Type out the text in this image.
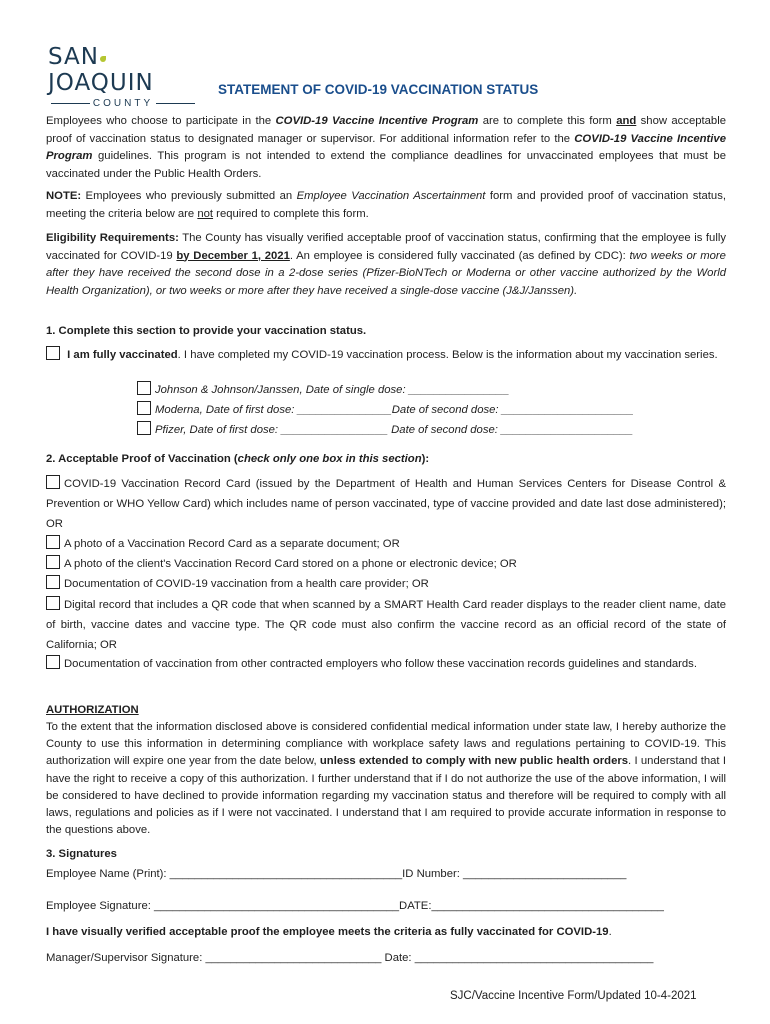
SANJOAQUIN
COUNTY
STATEMENT OF COVID-19 VACCINATION STATUS
Employees who choose to participate in the COVID-19 Vaccine Incentive Program are to complete this form and show acceptable proof of vaccination status to designated manager or supervisor. For additional information refer to the COVID-19 Vaccine Incentive Program guidelines. This program is not intended to extend the compliance deadlines for unvaccinated employees that must be vaccinated under the Public Health Orders.
NOTE: Employees who previously submitted an Employee Vaccination Ascertainment form and provided proof of vaccination status, meeting the criteria below are not required to complete this form.
Eligibility Requirements: The County has visually verified acceptable proof of vaccination status, confirming that the employee is fully vaccinated for COVID-19 by December 1, 2021. An employee is considered fully vaccinated (as defined by CDC): two weeks or more after they have received the second dose in a 2-dose series (Pfizer-BioNTech or Moderna or other vaccine authorized by the World Health Organization), or two weeks or more after they have received a single-dose vaccine (J&J/Janssen).
1. Complete this section to provide your vaccination status.
I am fully vaccinated. I have completed my COVID-19 vaccination process. Below is the information about my vaccination series.
Johnson & Johnson/Janssen, Date of single dose: ________________
Moderna, Date of first dose: _______________Date of second dose: _____________________
Pfizer, Date of first dose: _________________ Date of second dose: _____________________
2. Acceptable Proof of Vaccination (check only one box in this section):
COVID-19 Vaccination Record Card (issued by the Department of Health and Human Services Centers for Disease Control & Prevention or WHO Yellow Card) which includes name of person vaccinated, type of vaccine provided and date last dose administered); OR
A photo of a Vaccination Record Card as a separate document; OR
A photo of the client's Vaccination Record Card stored on a phone or electronic device; OR
Documentation of COVID-19 vaccination from a health care provider; OR
Digital record that includes a QR code that when scanned by a SMART Health Card reader displays to the reader client name, date of birth, vaccine dates and vaccine type. The QR code must also confirm the vaccine record as an official record of the state of California; OR
Documentation of vaccination from other contracted employers who follow these vaccination records guidelines and standards.
AUTHORIZATION
To the extent that the information disclosed above is considered confidential medical information under state law, I hereby authorize the County to use this information in determining compliance with workplace safety laws and regulations pertaining to COVID-19. This authorization will expire one year from the date below, unless extended to comply with new public health orders. I understand that I have the right to receive a copy of this authorization. I further understand that if I do not authorize the use of the above information, I will be considered to have declined to provide information regarding my vaccination status and therefore will be required to comply with all laws, regulations and policies as if I were not vaccinated. I understand that I am required to provide accurate information in response to the questions above.
3. Signatures
Employee Name (Print): _____________________________________ID Number: __________________________
Employee Signature: _______________________________________DATE:_____________________________________
I have visually verified acceptable proof the employee meets the criteria as fully vaccinated for COVID-19.
Manager/Supervisor Signature: ____________________________ Date: ______________________________________
SJC/Vaccine Incentive Form/Updated 10-4-2021
